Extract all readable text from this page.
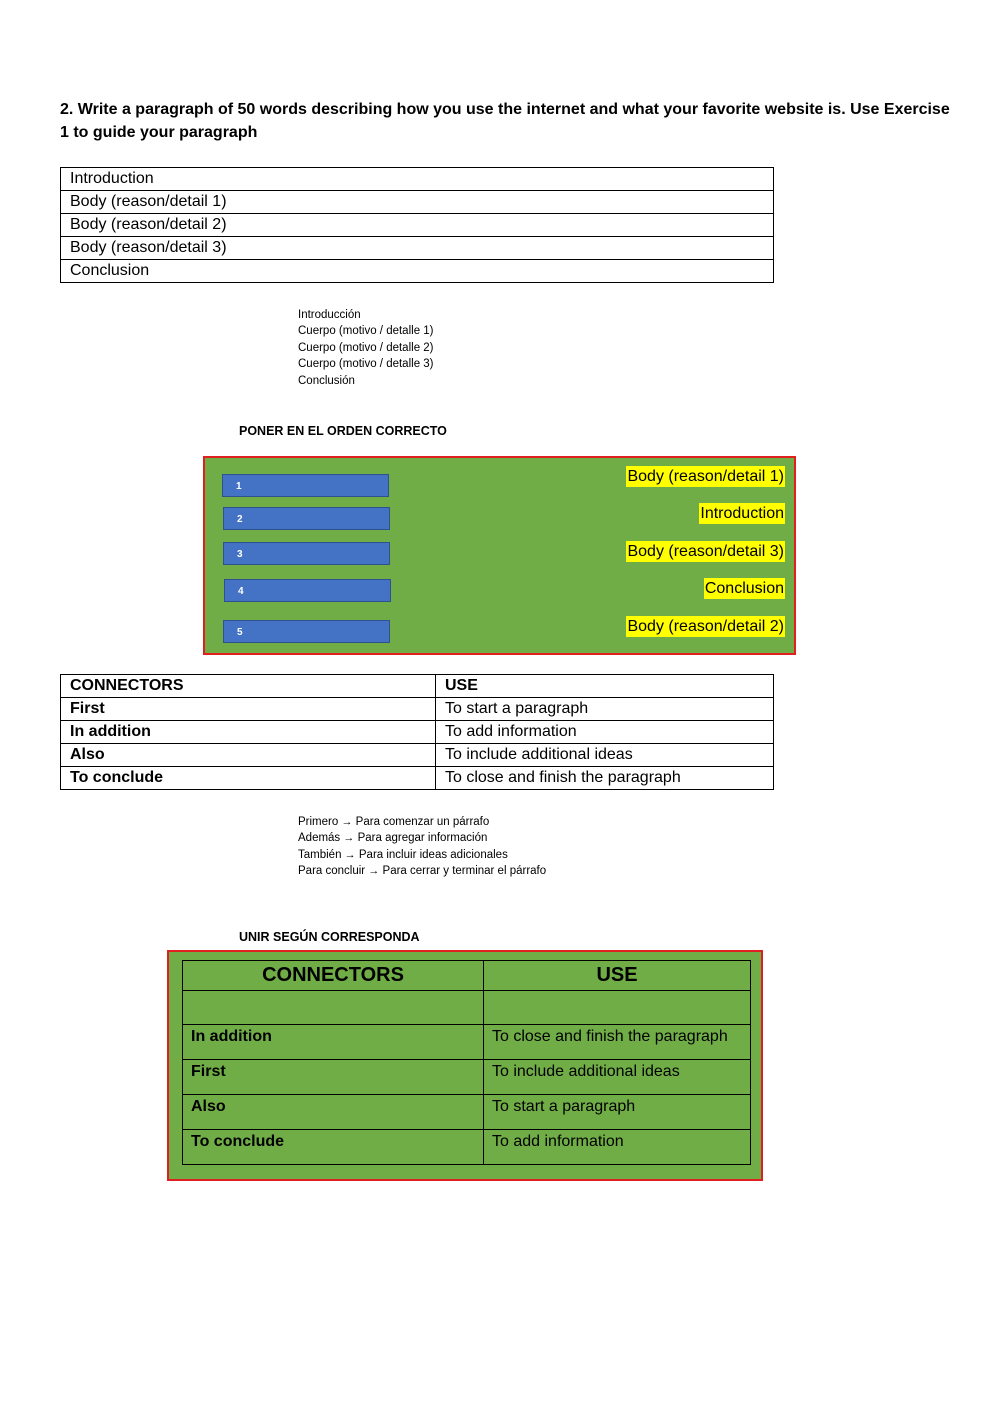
2. Write a paragraph of 50 words describing how you use the internet and what your favorite website is. Use Exercise 1 to guide your paragraph
Introduction
Body (reason/detail 1)
Body (reason/detail 2)
Body (reason/detail 3)
Conclusion
Introducción
Cuerpo (motivo / detalle 1)
Cuerpo (motivo / detalle 2)
Cuerpo (motivo / detalle 3)
Conclusión
PONER EN EL ORDEN CORRECTO
1
2
3
4
5
Body (reason/detail 1)
Introduction
Body (reason/detail 3)
Conclusion
Body (reason/detail 2)
CONNECTORS	USE
First	To start a paragraph
In addition	To add information
Also	To include additional ideas
To conclude	To close and finish the paragraph
Primero → Para comenzar un párrafo
Además → Para agregar información
También → Para incluir ideas adicionales
Para concluir → Para cerrar y terminar el párrafo
UNIR SEGÚN CORRESPONDA
CONNECTORS	USE

In addition	To close and finish the paragraph
First	To include additional ideas
Also	To start a paragraph
To conclude	To add information
